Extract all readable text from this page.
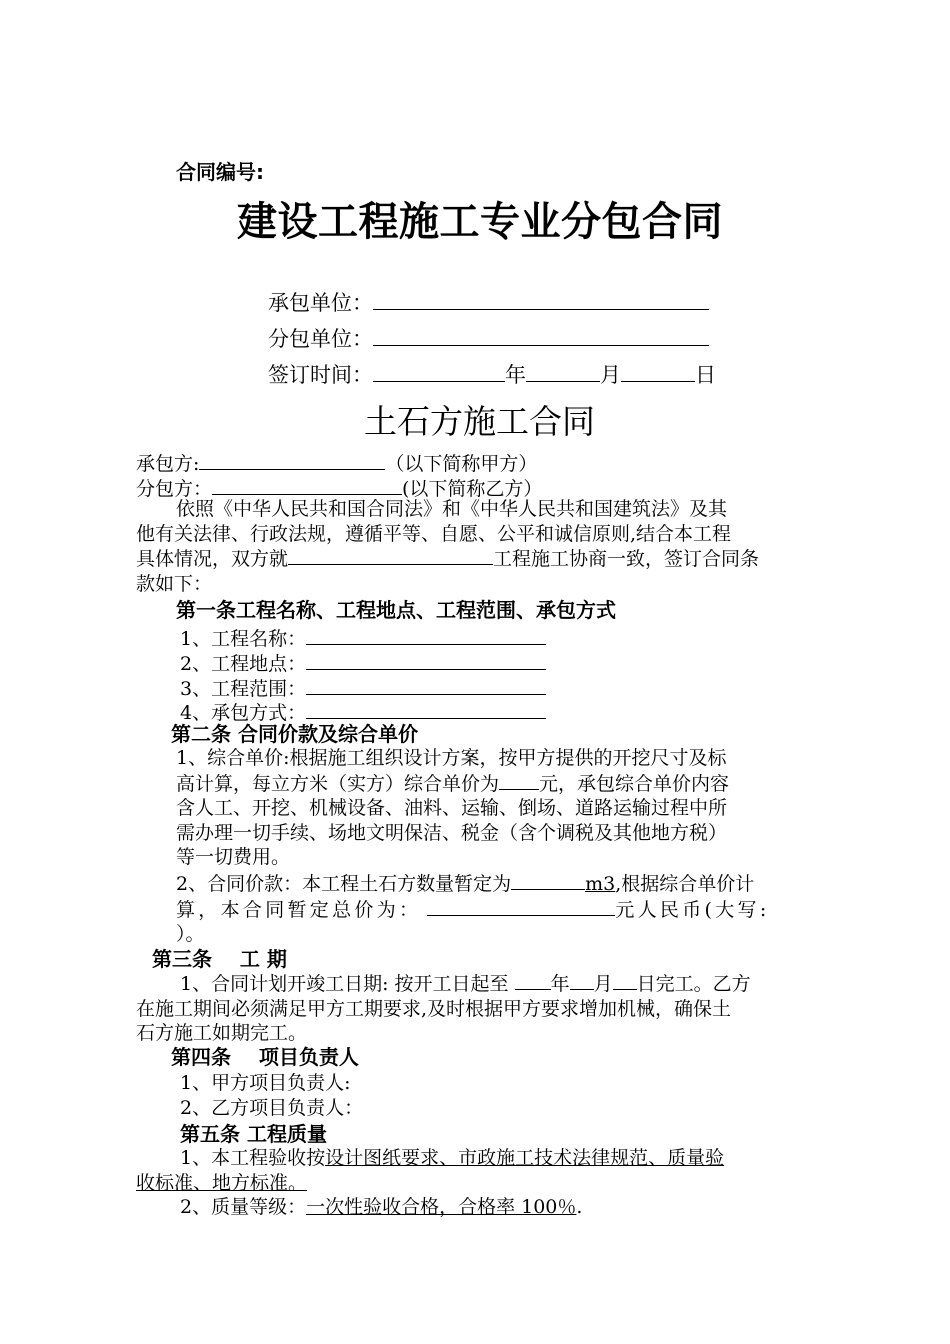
合同编号:
建设工程施工专业分包合同
承包单位：
分包单位：
签订时间：	年	月	日
土石方施工合同
承包方:	（以下简称甲方）
分包方：	(以下简称乙方）
依照《中华人民共和国合同法》和《中华人民共和国建筑法》及其
他有关法律、行政法规，遵循平等、自愿、公平和诚信原则,结合本工程
具体情况，双方就	工程施工协商一致，签订合同条
款如下：
第一条工程名称、工程地点、工程范围、承包方式
1、工程名称：
2、工程地点：
3、工程范围：
4、承包方式：
第二条 合同价款及综合单价
1、综合单价:根据施工组织设计方案，按甲方提供的开挖尺寸及标
高计算，每立方米（实方）综合单价为 元，承包综合单价内容
含人工、开挖、机械设备、油料、运输、倒场、道路运输过程中所
需办理一切手续、场地文明保洁、税金（含个调税及其他地方税）
等一切费用。
2、合同价款：本工程土石方数量暂定为	m3,根据综合单价计
算，本合同暂定总价为：	元人民币(大写:
）。
第三条    工 期
1、合同计划开竣工日期: 按开工日起至 年 月 日完工。乙方
在施工期间必须满足甲方工期要求,及时根据甲方要求增加机械，确保土
石方施工如期完工。
第四条    项目负责人
1、甲方项目负责人:
2、乙方项目负责人：
第五条 工程质量
1、本工程验收按设计图纸要求、市政施工技术法律规范、质量验
收标准、地方标准。
2、质量等级：一次性验收合格，合格率 100％.
